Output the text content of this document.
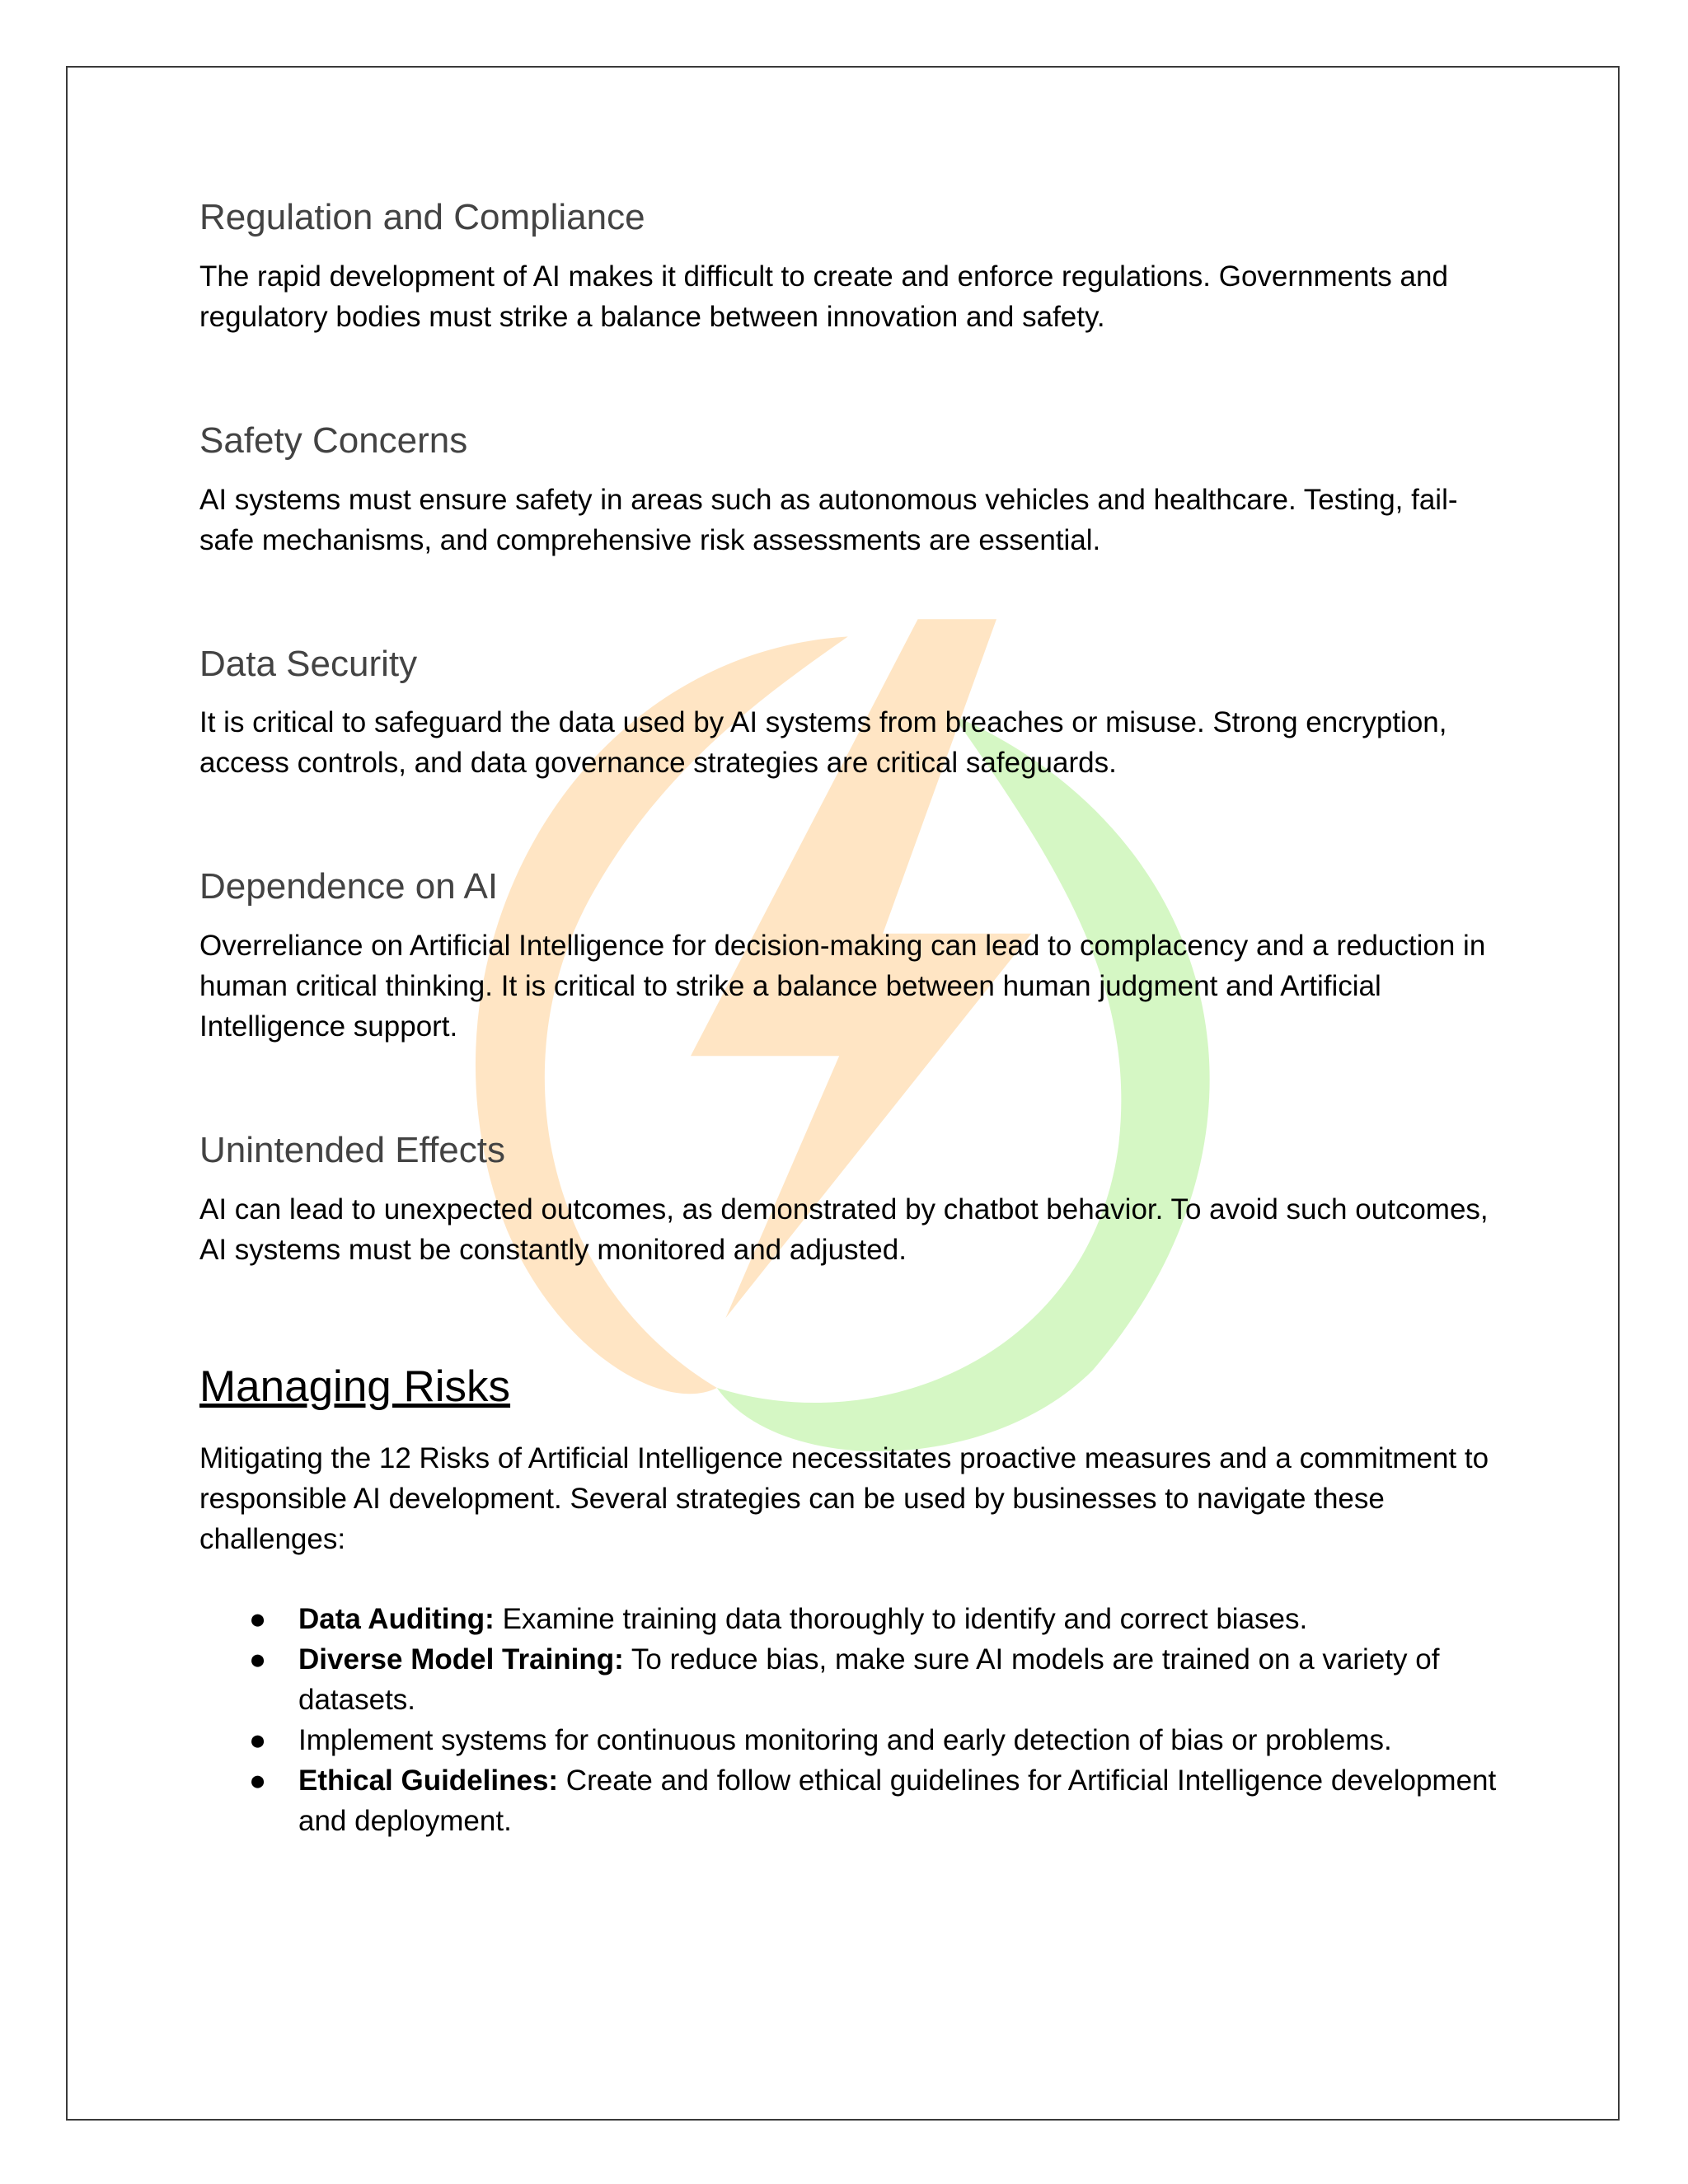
Regulation and Compliance

The rapid development of AI makes it difficult to create and enforce regulations. Governments and regulatory bodies must strike a balance between innovation and safety.

Safety Concerns

AI systems must ensure safety in areas such as autonomous vehicles and healthcare. Testing, fail-safe mechanisms, and comprehensive risk assessments are essential.

Data Security

It is critical to safeguard the data used by AI systems from breaches or misuse. Strong encryption, access controls, and data governance strategies are critical safeguards.

Dependence on AI

Overreliance on Artificial Intelligence for decision-making can lead to complacency and a reduction in human critical thinking. It is critical to strike a balance between human judgment and Artificial Intelligence support.

Unintended Effects

AI can lead to unexpected outcomes, as demonstrated by chatbot behavior. To avoid such outcomes, AI systems must be constantly monitored and adjusted.

Managing Risks

Mitigating the 12 Risks of Artificial Intelligence necessitates proactive measures and a commitment to responsible AI development. Several strategies can be used by businesses to navigate these challenges:

● Data Auditing: Examine training data thoroughly to identify and correct biases.
● Diverse Model Training: To reduce bias, make sure AI models are trained on a variety of datasets.
● Implement systems for continuous monitoring and early detection of bias or problems.
● Ethical Guidelines: Create and follow ethical guidelines for Artificial Intelligence development and deployment.
